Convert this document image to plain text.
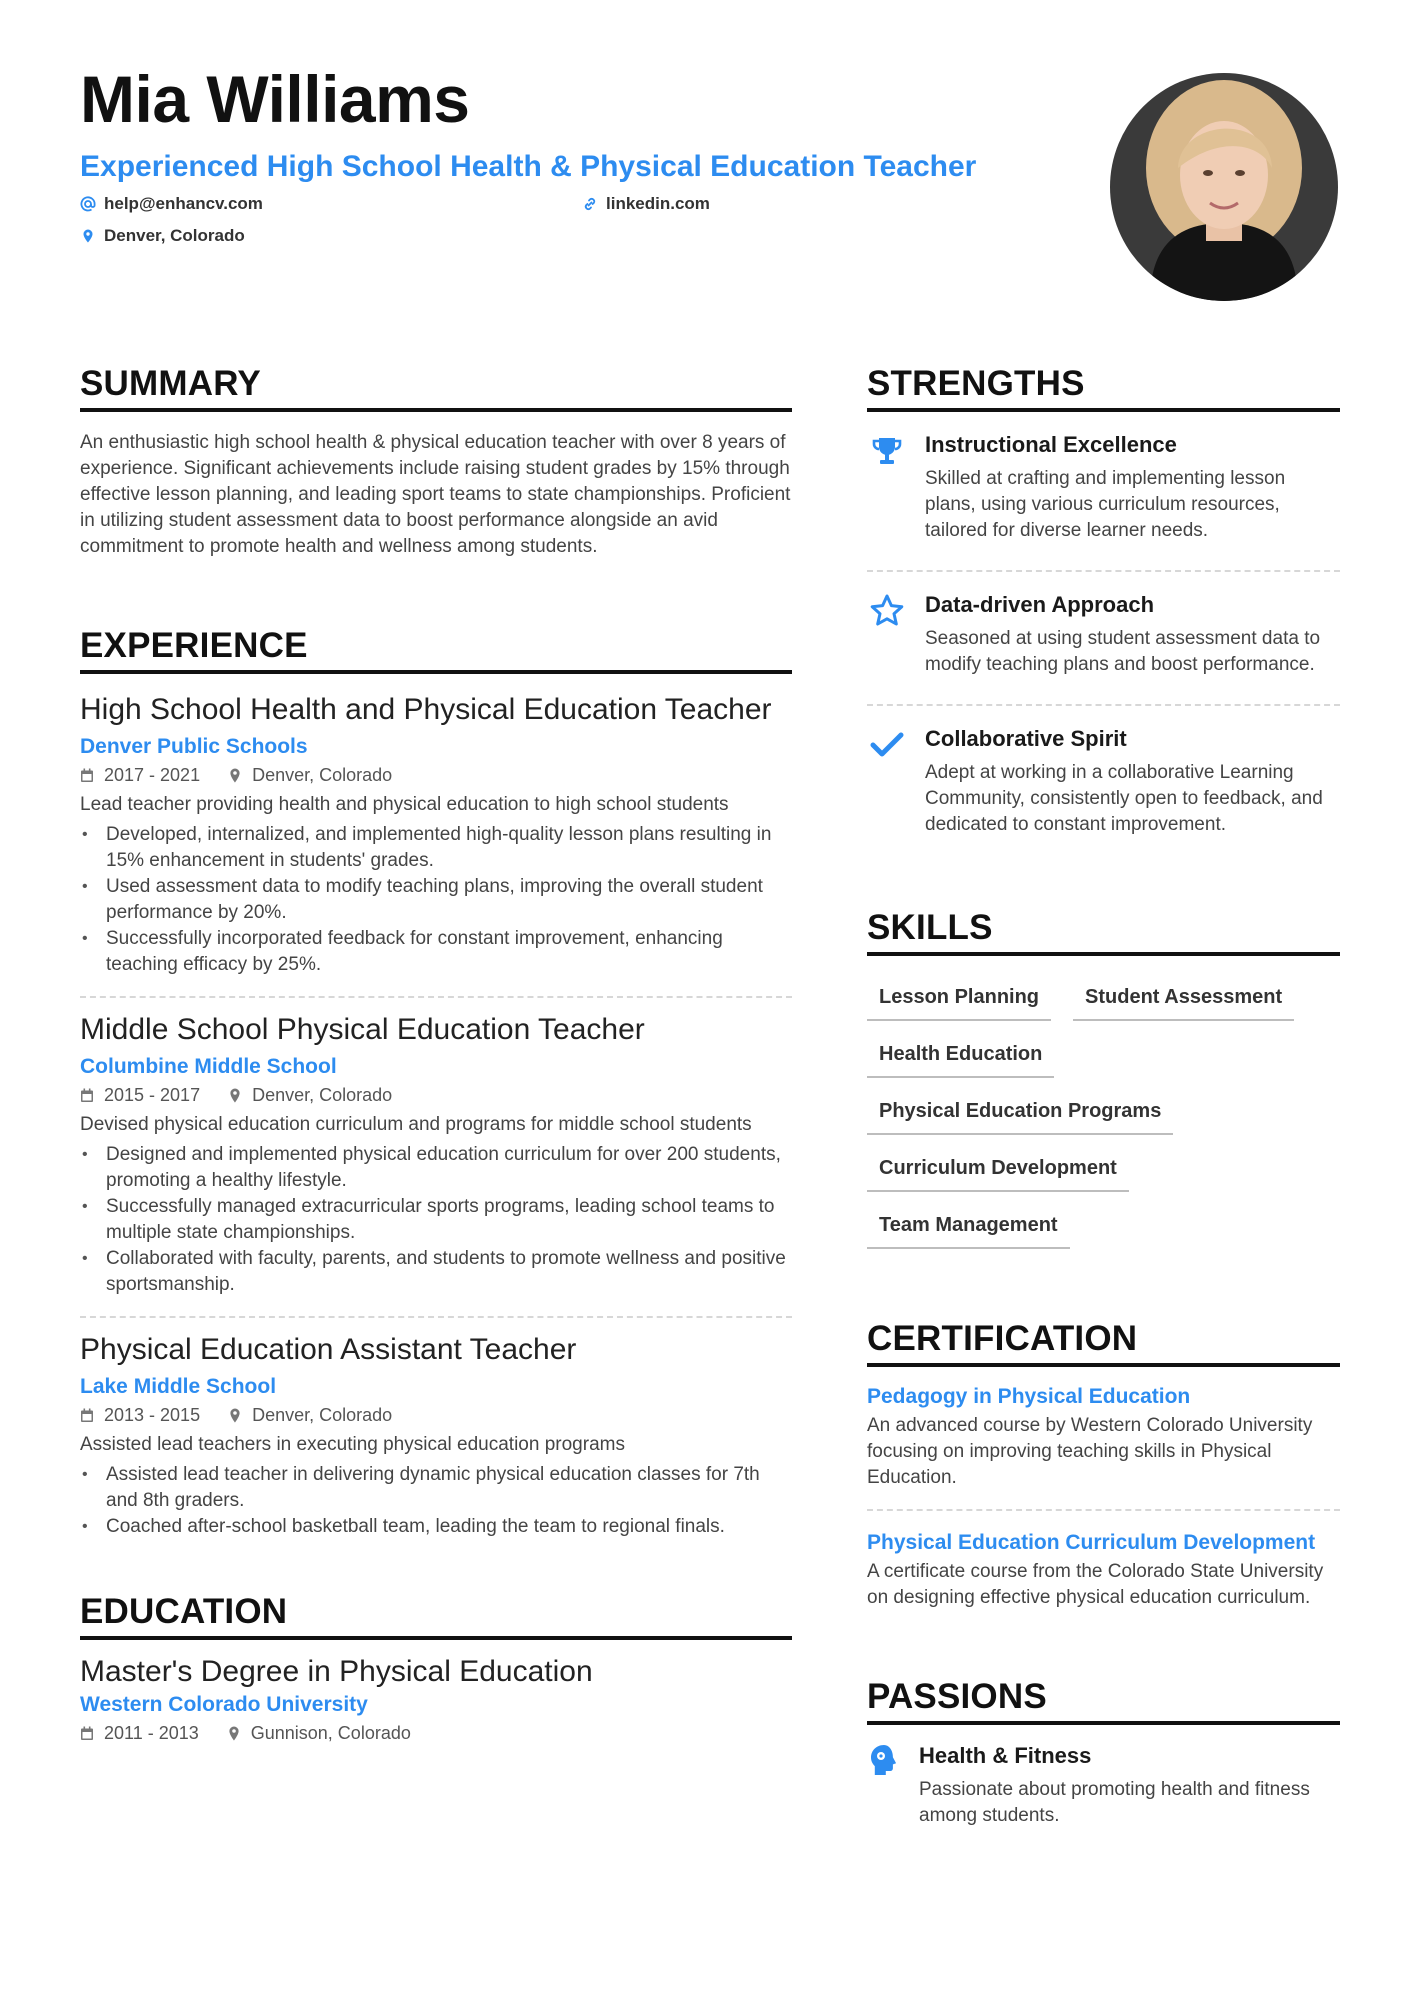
Mia Williams
Experienced High School Health & Physical Education Teacher
help@enhancv.com	linkedin.com
Denver, Colorado
SUMMARY
An enthusiastic high school health & physical education teacher with over 8 years of experience. Significant achievements include raising student grades by 15% through effective lesson planning, and leading sport teams to state championships. Proficient in utilizing student assessment data to boost performance alongside an avid commitment to promote health and wellness among students.
EXPERIENCE
High School Health and Physical Education Teacher
Denver Public Schools
2017 - 2021	Denver, Colorado
Lead teacher providing health and physical education to high school students
• Developed, internalized, and implemented high-quality lesson plans resulting in 15% enhancement in students' grades.
• Used assessment data to modify teaching plans, improving the overall student performance by 20%.
• Successfully incorporated feedback for constant improvement, enhancing teaching efficacy by 25%.
Middle School Physical Education Teacher
Columbine Middle School
2015 - 2017	Denver, Colorado
Devised physical education curriculum and programs for middle school students
• Designed and implemented physical education curriculum for over 200 students, promoting a healthy lifestyle.
• Successfully managed extracurricular sports programs, leading school teams to multiple state championships.
• Collaborated with faculty, parents, and students to promote wellness and positive sportsmanship.
Physical Education Assistant Teacher
Lake Middle School
2013 - 2015	Denver, Colorado
Assisted lead teachers in executing physical education programs
• Assisted lead teacher in delivering dynamic physical education classes for 7th and 8th graders.
• Coached after-school basketball team, leading the team to regional finals.
EDUCATION
Master's Degree in Physical Education
Western Colorado University
2011 - 2013	Gunnison, Colorado
STRENGTHS
Instructional Excellence
Skilled at crafting and implementing lesson plans, using various curriculum resources, tailored for diverse learner needs.
Data-driven Approach
Seasoned at using student assessment data to modify teaching plans and boost performance.
Collaborative Spirit
Adept at working in a collaborative Learning Community, consistently open to feedback, and dedicated to constant improvement.
SKILLS
Lesson Planning	Student Assessment
Health Education
Physical Education Programs
Curriculum Development
Team Management
CERTIFICATION
Pedagogy in Physical Education
An advanced course by Western Colorado University focusing on improving teaching skills in Physical Education.
Physical Education Curriculum Development
A certificate course from the Colorado State University on designing effective physical education curriculum.
PASSIONS
Health & Fitness
Passionate about promoting health and fitness among students.
